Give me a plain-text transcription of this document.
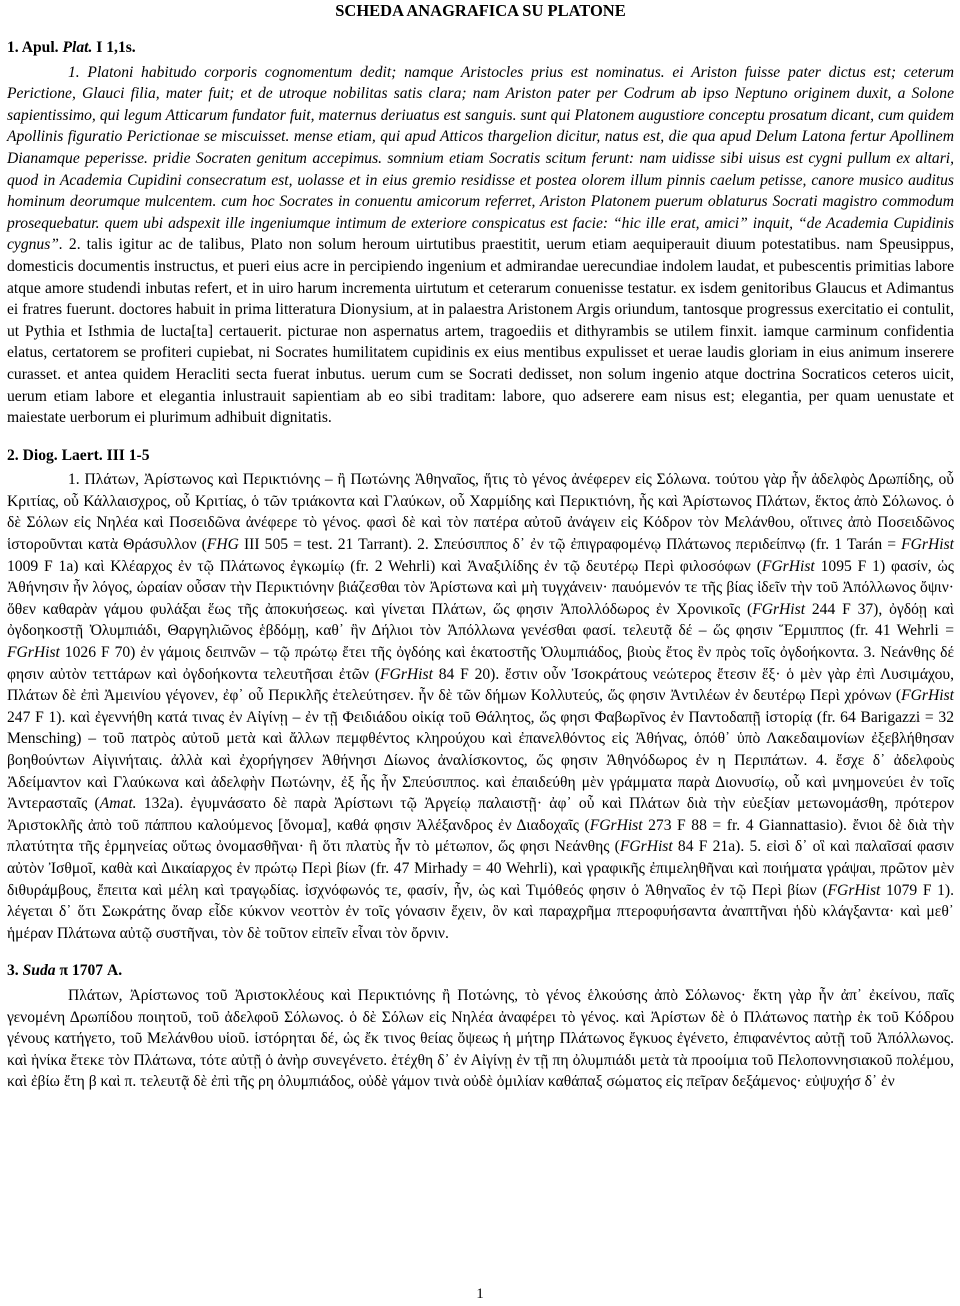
SCHEDA ANAGRAFICA SU PLATONE
1. Apul. Plat. I 1,1s.

1. Platoni habitudo corporis cognomentum dedit; namque Aristocles prius est nominatus. ei Ariston fuisse pater dictus est; ceterum Perictione, Glauci filia, mater fuit; et de utroque nobilitas satis clara; nam Ariston pater per Codrum ab ipso Neptuno originem duxit, a Solone sapientissimo, qui legum Atticarum fundator fuit, maternus deriuatus est sanguis. sunt qui Platonem augustiore conceptu prosatum dicant, cum quidem Apollinis figuratio Perictionae se miscuisset. mense etiam, qui apud Atticos thargelion dicitur, natus est, die qua apud Delum Latona fertur Apollinem Dianamque peperisse. pridie Socraten genitum accepimus. somnium etiam Socratis scitum ferunt: nam uidisse sibi uisus est cygni pullum ex altari, quod in Academia Cupidini consecratum est, uolasse et in eius gremio residisse et postea olorem illum pinnis caelum petisse, canore musico auditus hominum deorumque mulcentem. cum hoc Socrates in conuentu amicorum referret, Ariston Platonem puerum oblaturus Socrati magistro commodum prosequebatur. quem ubi adspexit ille ingeniumque intimum de exteriore conspicatus est facie: “hic ille erat, amici” inquit, “de Academia Cupidinis cygnus”. 2. talis igitur ac de talibus, Plato non solum heroum uirtutibus praestitit, uerum etiam aequiperauit diuum potestatibus. nam Speusippus, domesticis documentis instructus, et pueri eius acre in percipiendo ingenium et admirandae uerecundiae indolem laudat, et pubescentis primitias labore atque amore studendi inbutas refert, et in uiro harum incrementa uirtutum et ceterarum conuenisse testatur. ex isdem genitoribus Glaucus et Adimantus ei fratres fuerunt. doctores habuit in prima litteratura Dionysium, at in palaestra Aristonem Argis oriundum, tantosque progressus exercitatio ei contulit, ut Pythia et Isthmia de lucta[ta] certauerit. picturae non aspernatus artem, tragoediis et dithyrambis se utilem finxit. iamque carminum confidentia elatus, certatorem se profiteri cupiebat, ni Socrates humilitatem cupidinis ex eius mentibus expulisset et uerae laudis gloriam in eius animum inserere curasset. et antea quidem Heracliti secta fuerat inbutus. uerum cum se Socrati dedisset, non solum ingenio atque doctrina Socraticos ceteros uicit, uerum etiam labore et elegantia inlustrauit sapientiam ab eo sibi traditam: labore, quo adserere eam nisus est; elegantia, per quam uenustate et maiestate uerborum ei plurimum adhibuit dignitatis.

2. Diog. Laert. III 1-5

1. Πλάτων, Ἀρίστωνος καὶ Περικτιόνης – ἢ Πωτώνης Ἀθηναῖος, ἥτις τὸ γένος ἀνέφερεν εἰς Σόλωνα. τούτου γὰρ ἦν ἀδελφὸς Δρωπίδης, οὗ Κριτίας, οὗ Κάλλαισχρος, οὗ Κριτίας, ὁ τῶν τριάκοντα καὶ Γλαύκων, οὗ Χαρμίδης καὶ Περικτιόνη, ἧς καὶ Ἀρίστωνος Πλάτων, ἕκτος ἀπὸ Σόλωνος. ὁ δὲ Σόλων εἰς Νηλέα καὶ Ποσειδῶνα ἀνέφερε τὸ γένος. φασὶ δὲ καὶ τὸν πατέρα αὐτοῦ ἀνάγειν εἰς Κόδρον τὸν Μελάνθου, οἵτινες ἀπὸ Ποσειδῶνος ἱστοροῦνται κατὰ Θράσυλλον (FHG III 505 = test. 21 Tarrant). 2. Σπεύσιππος δ᾽ ἐν τῷ ἐπιγραφομένῳ Πλάτωνος περιδείπνῳ (fr. 1 Tarán = FGrHist 1009 F 1a) καὶ Κλέαρχος ἐν τῷ Πλάτωνος ἐγκωμίῳ (fr. 2 Wehrli) καὶ Ἀναξιλίδης ἐν τῷ δευτέρῳ Περὶ φιλοσόφων (FGrHist 1095 F 1) φασίν, ὡς Ἀθήνησιν ἦν λόγος, ὡραίαν οὖσαν τὴν Περικτιόνην βιάζεσθαι τὸν Ἀρίστωνα καὶ μὴ τυγχάνειν· παυόμενόν τε τῆς βίας ἰδεῖν τὴν τοῦ Ἀπόλλωνος ὄψιν· ὅθεν καθαρὰν γάμου φυλάξαι ἕως τῆς ἀποκυήσεως. καὶ γίνεται Πλάτων, ὥς φησιν Ἀπολλόδωρος ἐν Χρονικοῖς (FGrHist 244 F 37), ὀγδόῃ καὶ ὀγδοηκοστῇ Ὀλυμπιάδι, Θαργηλιῶνος ἑβδόμῃ, καθ᾽ ἣν Δήλιοι τὸν Ἀπόλλωνα γενέσθαι φασί. τελευτᾷ δέ – ὥς φησιν Ἕρμιππος (fr. 41 Wehrli = FGrHist 1026 F 70) ἐν γάμοις δειπνῶν – τῷ πρώτῳ ἔτει τῆς ὀγδόης καὶ ἑκατοστῆς Ὀλυμπιάδος, βιοὺς ἔτος ἓν πρὸς τοῖς ὀγδοήκοντα. 3. Νεάνθης δέ φησιν αὐτὸν τεττάρων καὶ ὀγδοήκοντα τελευτῆσαι ἐτῶν (FGrHist 84 F 20). ἔστιν οὖν Ἰσοκράτους νεώτερος ἔτεσιν ἕξ· ὁ μὲν γὰρ ἐπὶ Λυσιμάχου, Πλάτων δὲ ἐπὶ Ἀμεινίου γέγονεν, ἐφ᾽ οὗ Περικλῆς ἐτελεύτησεν. ἦν δὲ τῶν δήμων Κολλυτεύς, ὥς φησιν Ἀντιλέων ἐν δευτέρῳ Περὶ χρόνων (FGrHist 247 F 1). καὶ ἐγεννήθη κατά τινας ἐν Αἰγίνῃ – ἐν τῇ Φειδιάδου οἰκίᾳ τοῦ Θάλητος, ὥς φησι Φαβωρῖνος ἐν Παντοδαπῇ ἱστορίᾳ (fr. 64 Barigazzi = 32 Mensching) – τοῦ πατρὸς αὐτοῦ μετὰ καὶ ἄλλων πεμφθέντος κληρούχου καὶ ἐπανελθόντος εἰς Ἀθήνας, ὁπόθ᾽ ὑπὸ Λακεδαιμονίων ἐξεβλήθησαν βοηθούντων Αἰγινήταις. ἀλλὰ καὶ ἐχορήγησεν Ἀθήνησι Δίωνος ἀναλίσκοντος, ὥς φησιν Ἀθηνόδωρος ἐν η Περιπάτων. 4. ἔσχε δ᾽ ἀδελφοὺς Ἀδείμαντον καὶ Γλαύκωνα καὶ ἀδελφὴν Πωτώνην, ἐξ ἧς ἦν Σπεύσιππος. καὶ ἐπαιδεύθη μὲν γράμματα παρὰ Διονυσίῳ, οὗ καὶ μνημονεύει ἐν τοῖς Ἀντερασταῖς (Amat. 132a). ἐγυμνάσατο δὲ παρὰ Ἀρίστωνι τῷ Ἀργείῳ παλαιστῇ· ἀφ᾽ οὗ καὶ Πλάτων διὰ τὴν εὐεξίαν μετωνομάσθη, πρότερον Ἀριστοκλῆς ἀπὸ τοῦ πάππου καλούμενος [ὄνομα], καθά φησιν Ἀλέξανδρος ἐν Διαδοχαῖς (FGrHist 273 F 88 = fr. 4 Giannattasio). ἔνιοι δὲ διὰ τὴν πλατύτητα τῆς ἑρμηνείας οὕτως ὀνομασθῆναι· ἢ ὅτι πλατὺς ἦν τὸ μέτωπον, ὥς φησι Νεάνθης (FGrHist 84 F 21a). 5. εἰσὶ δ᾽ οἳ καὶ παλαῖσαί φασιν αὐτὸν Ἰσθμοῖ, καθὰ καὶ Δικαίαρχος ἐν πρώτῳ Περὶ βίων (fr. 47 Mirhady = 40 Wehrli), καὶ γραφικῆς ἐπιμεληθῆναι καὶ ποιήματα γράψαι, πρῶτον μὲν διθυράμβους, ἔπειτα καὶ μέλη καὶ τραγῳδίας. ἰσχνόφωνός τε, φασίν, ἦν, ὡς καὶ Τιμόθεός φησιν ὁ Ἀθηναῖος ἐν τῷ Περὶ βίων (FGrHist 1079 F 1). λέγεται δ᾽ ὅτι Σωκράτης ὄναρ εἶδε κύκνον νεοττὸν ἐν τοῖς γόνασιν ἔχειν, ὃν καὶ παραχρῆμα πτεροφυήσαντα ἀναπτῆναι ἡδὺ κλάγξαντα· καὶ μεθ᾽ ἡμέραν Πλάτωνα αὐτῷ συστῆναι, τὸν δὲ τοῦτον εἰπεῖν εἶναι τὸν ὄρνιν.

3. Suda π 1707 A.

Πλάτων, Ἀρίστωνος τοῦ Ἀριστοκλέους καὶ Περικτιόνης ἢ Ποτώνης, τὸ γένος ἑλκούσης ἀπὸ Σόλωνος· ἕκτη γὰρ ἦν ἀπ᾽ ἐκείνου, παῖς γενομένη Δρωπίδου ποιητοῦ, τοῦ ἀδελφοῦ Σόλωνος. ὁ δὲ Σόλων εἰς Νηλέα ἀναφέρει τὸ γένος. καὶ Ἀρίστων δὲ ὁ Πλάτωνος πατὴρ ἐκ τοῦ Κόδρου γένους κατήγετο, τοῦ Μελάνθου υἱοῦ. ἱστόρηται δέ, ὡς ἔκ τινος θείας ὄψεως ἡ μήτηρ Πλάτωνος ἔγκυος ἐγένετο, ἐπιφανέντος αὐτῇ τοῦ Ἀπόλλωνος. καὶ ἡνίκα ἔτεκε τὸν Πλάτωνα, τότε αὐτῇ ὁ ἀνὴρ συνεγένετο. ἐτέχθη δ᾽ ἐν Αἰγίνῃ ἐν τῇ πη ὀλυμπιάδι μετὰ τὰ προοίμια τοῦ Πελοποννησιακοῦ πολέμου, καὶ ἐβίω ἔτη β καὶ π. τελευτᾷ δὲ ἐπὶ τῆς ρη ὀλυμπιάδος, οὐδὲ γάμον τινὰ οὐδὲ ὁμιλίαν καθάπαξ σώματος εἰς πεῖραν δεξάμενος· εὐψυχήσ δ᾽ ἐν

1
